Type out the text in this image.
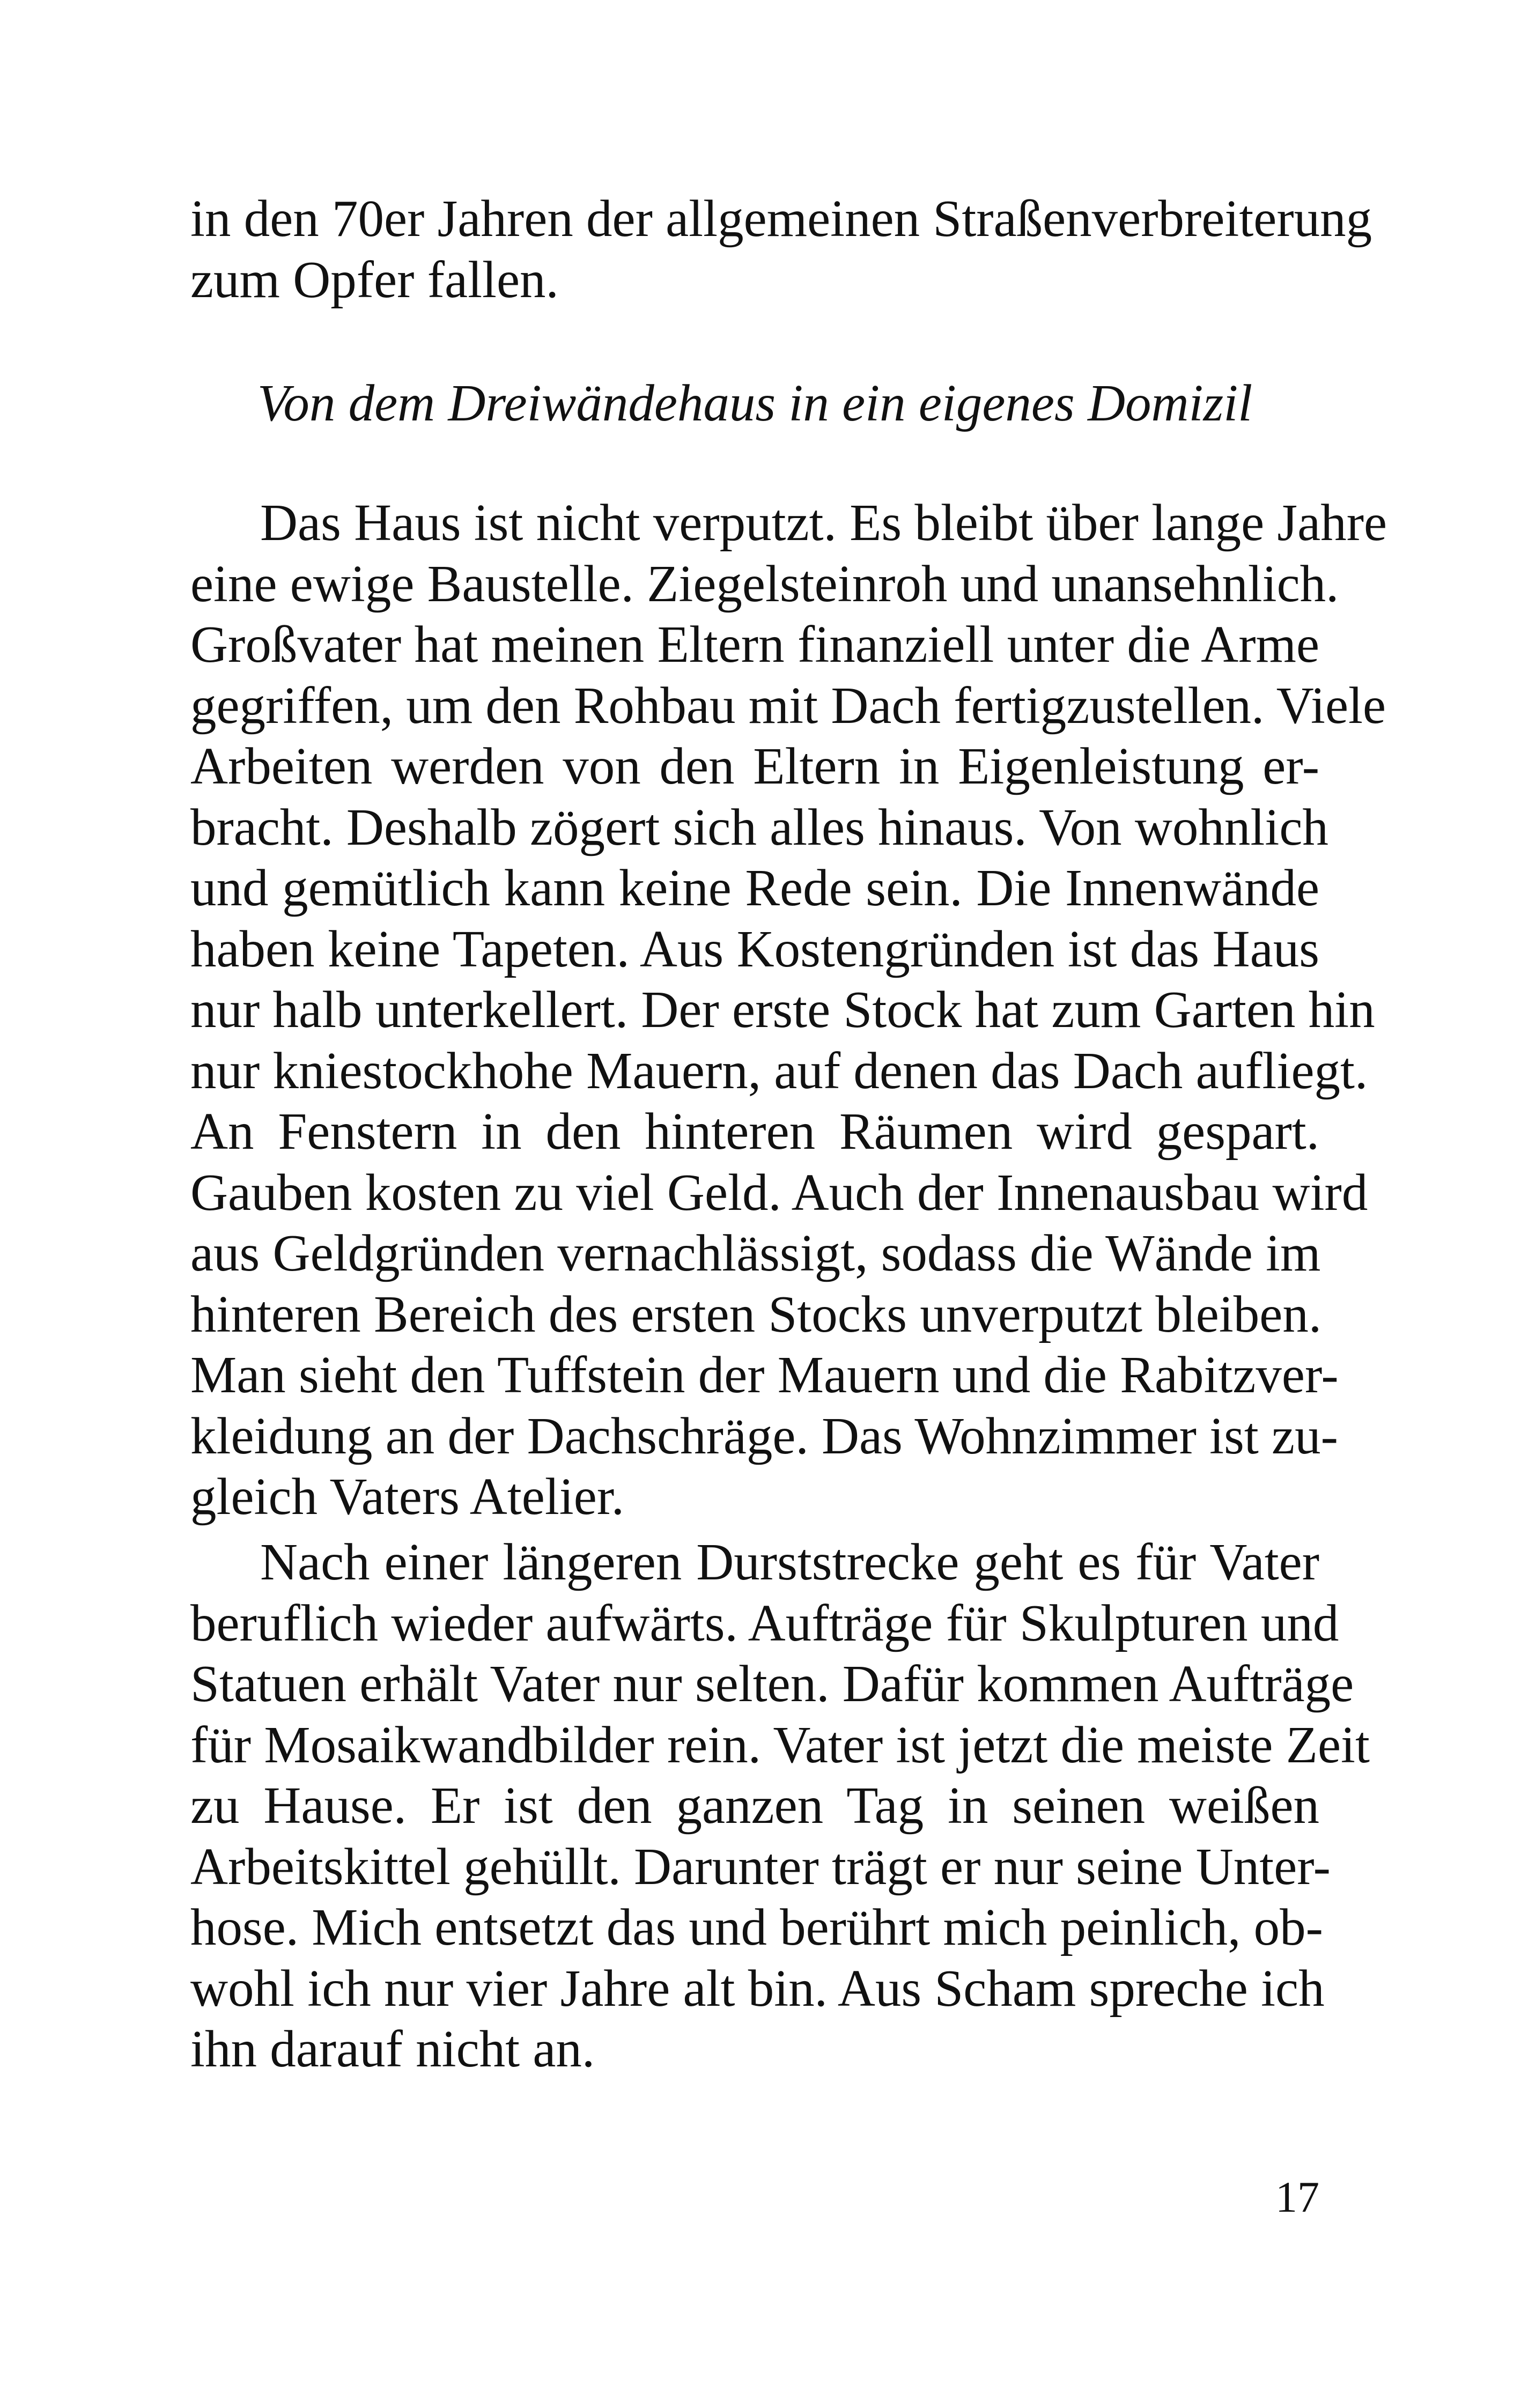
in den 70er Jahren der allgemeinen Straßenverbreiterung
zum Opfer fallen.
Von dem Dreiwändehaus in ein eigenes Domizil
Das Haus ist nicht verputzt. Es bleibt über lange Jahre
eine ewige Baustelle. Ziegelsteinroh und unansehnlich.
Großvater hat meinen Eltern finanziell unter die Arme
gegriffen, um den Rohbau mit Dach fertigzustellen. Viele
Arbeiten werden von den Eltern in Eigenleistung er-
bracht. Deshalb zögert sich alles hinaus. Von wohnlich
und gemütlich kann keine Rede sein. Die Innenwände
haben keine Tapeten. Aus Kostengründen ist das Haus
nur halb unterkellert. Der erste Stock hat zum Garten hin
nur kniestockhohe Mauern, auf denen das Dach aufliegt.
An Fenstern in den hinteren Räumen wird gespart.
Gauben kosten zu viel Geld. Auch der Innenausbau wird
aus Geldgründen vernachlässigt, sodass die Wände im
hinteren Bereich des ersten Stocks unverputzt bleiben.
Man sieht den Tuffstein der Mauern und die Rabitzver-
kleidung an der Dachschräge. Das Wohnzimmer ist zu-
gleich Vaters Atelier.
Nach einer längeren Durststrecke geht es für Vater
beruflich wieder aufwärts. Aufträge für Skulpturen und
Statuen erhält Vater nur selten. Dafür kommen Aufträge
für Mosaikwandbilder rein. Vater ist jetzt die meiste Zeit
zu Hause. Er ist den ganzen Tag in seinen weißen
Arbeitskittel gehüllt. Darunter trägt er nur seine Unter-
hose. Mich entsetzt das und berührt mich peinlich, ob-
wohl ich nur vier Jahre alt bin. Aus Scham spreche ich
ihn darauf nicht an.
17
